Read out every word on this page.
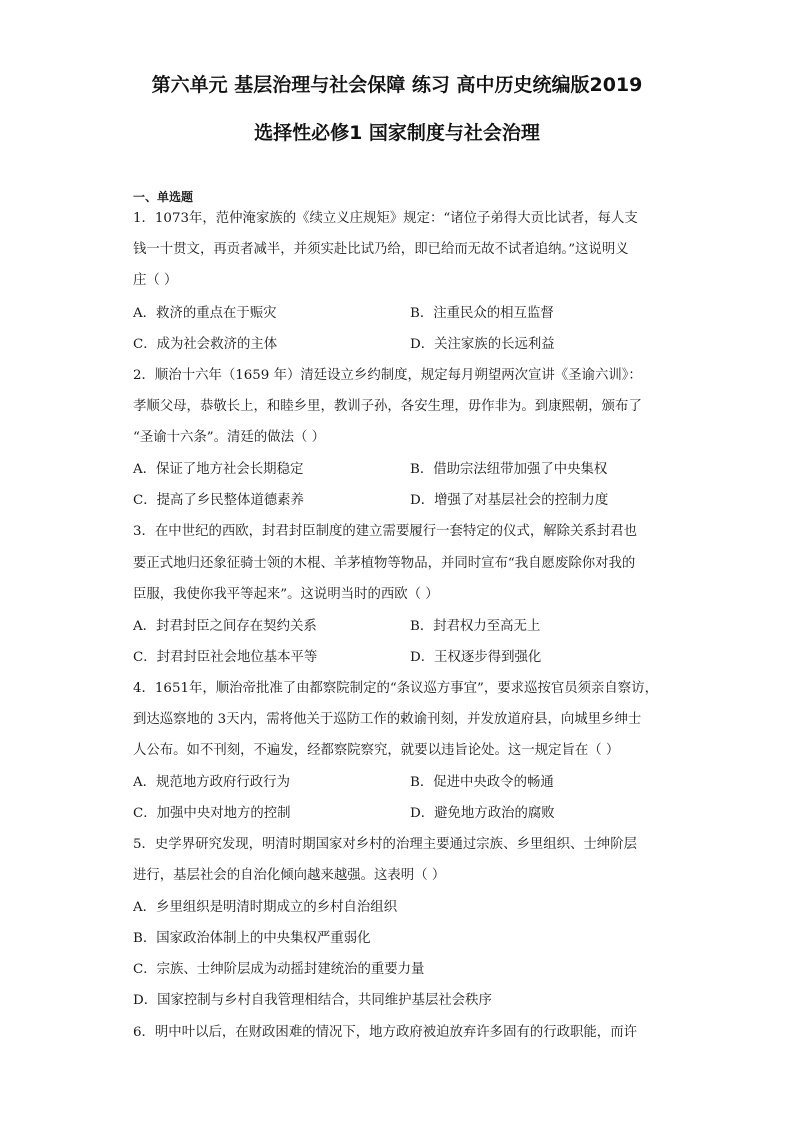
第六单元 基层治理与社会保障 练习 高中历史统编版2019
选择性必修1 国家制度与社会治理
一、单选题
1．1073年，范仲淹家族的《续立义庄规矩》规定：“诸位子弟得大贡比试者，每人支
钱一十贯文，再贡者减半，并须实赴比试乃给，即已给而无故不试者追纳。”这说明义
庄（ ）
A．救济的重点在于赈灾	B．注重民众的相互监督
C．成为社会救济的主体	D．关注家族的长远利益
2．顺治十六年（1659 年）清廷设立乡约制度，规定每月朔望两次宣讲《圣谕六训》：
孝顺父母，恭敬长上，和睦乡里，教训子孙，各安生理，毋作非为。到康熙朝，颁布了
“圣谕十六条”。清廷的做法（ ）
A．保证了地方社会长期稳定	B．借助宗法纽带加强了中央集权
C．提高了乡民整体道德素养	D．增强了对基层社会的控制力度
3．在中世纪的西欧，封君封臣制度的建立需要履行一套特定的仪式，解除关系封君也
要正式地归还象征骑士领的木棍、羊茅植物等物品，并同时宣布“我自愿废除你对我的
臣服，我使你我平等起来”。这说明当时的西欧（ ）
A．封君封臣之间存在契约关系	B．封君权力至高无上
C．封君封臣社会地位基本平等	D．王权逐步得到强化
4．1651年，顺治帝批准了由都察院制定的“条议巡方事宜”，要求巡按官员须亲自察访，
到达巡察地的 3天内，需将他关于巡防工作的敕谕刊刻，并发放道府县，向城里乡绅士
人公布。如不刊刻，不遍发，经都察院察究，就要以违旨论处。这一规定旨在（ ）
A．规范地方政府行政行为	B．促进中央政令的畅通
C．加强中央对地方的控制	D．避免地方政治的腐败
5．史学界研究发现，明清时期国家对乡村的治理主要通过宗族、乡里组织、士绅阶层
进行，基层社会的自治化倾向越来越强。这表明（ ）
A．乡里组织是明清时期成立的乡村自治组织
B．国家政治体制上的中央集权严重弱化
C．宗族、士绅阶层成为动摇封建统治的重要力量
D．国家控制与乡村自我管理相结合，共同维护基层社会秩序
6．明中叶以后，在财政困难的情况下，地方政府被迫放弃许多固有的行政职能，而许
